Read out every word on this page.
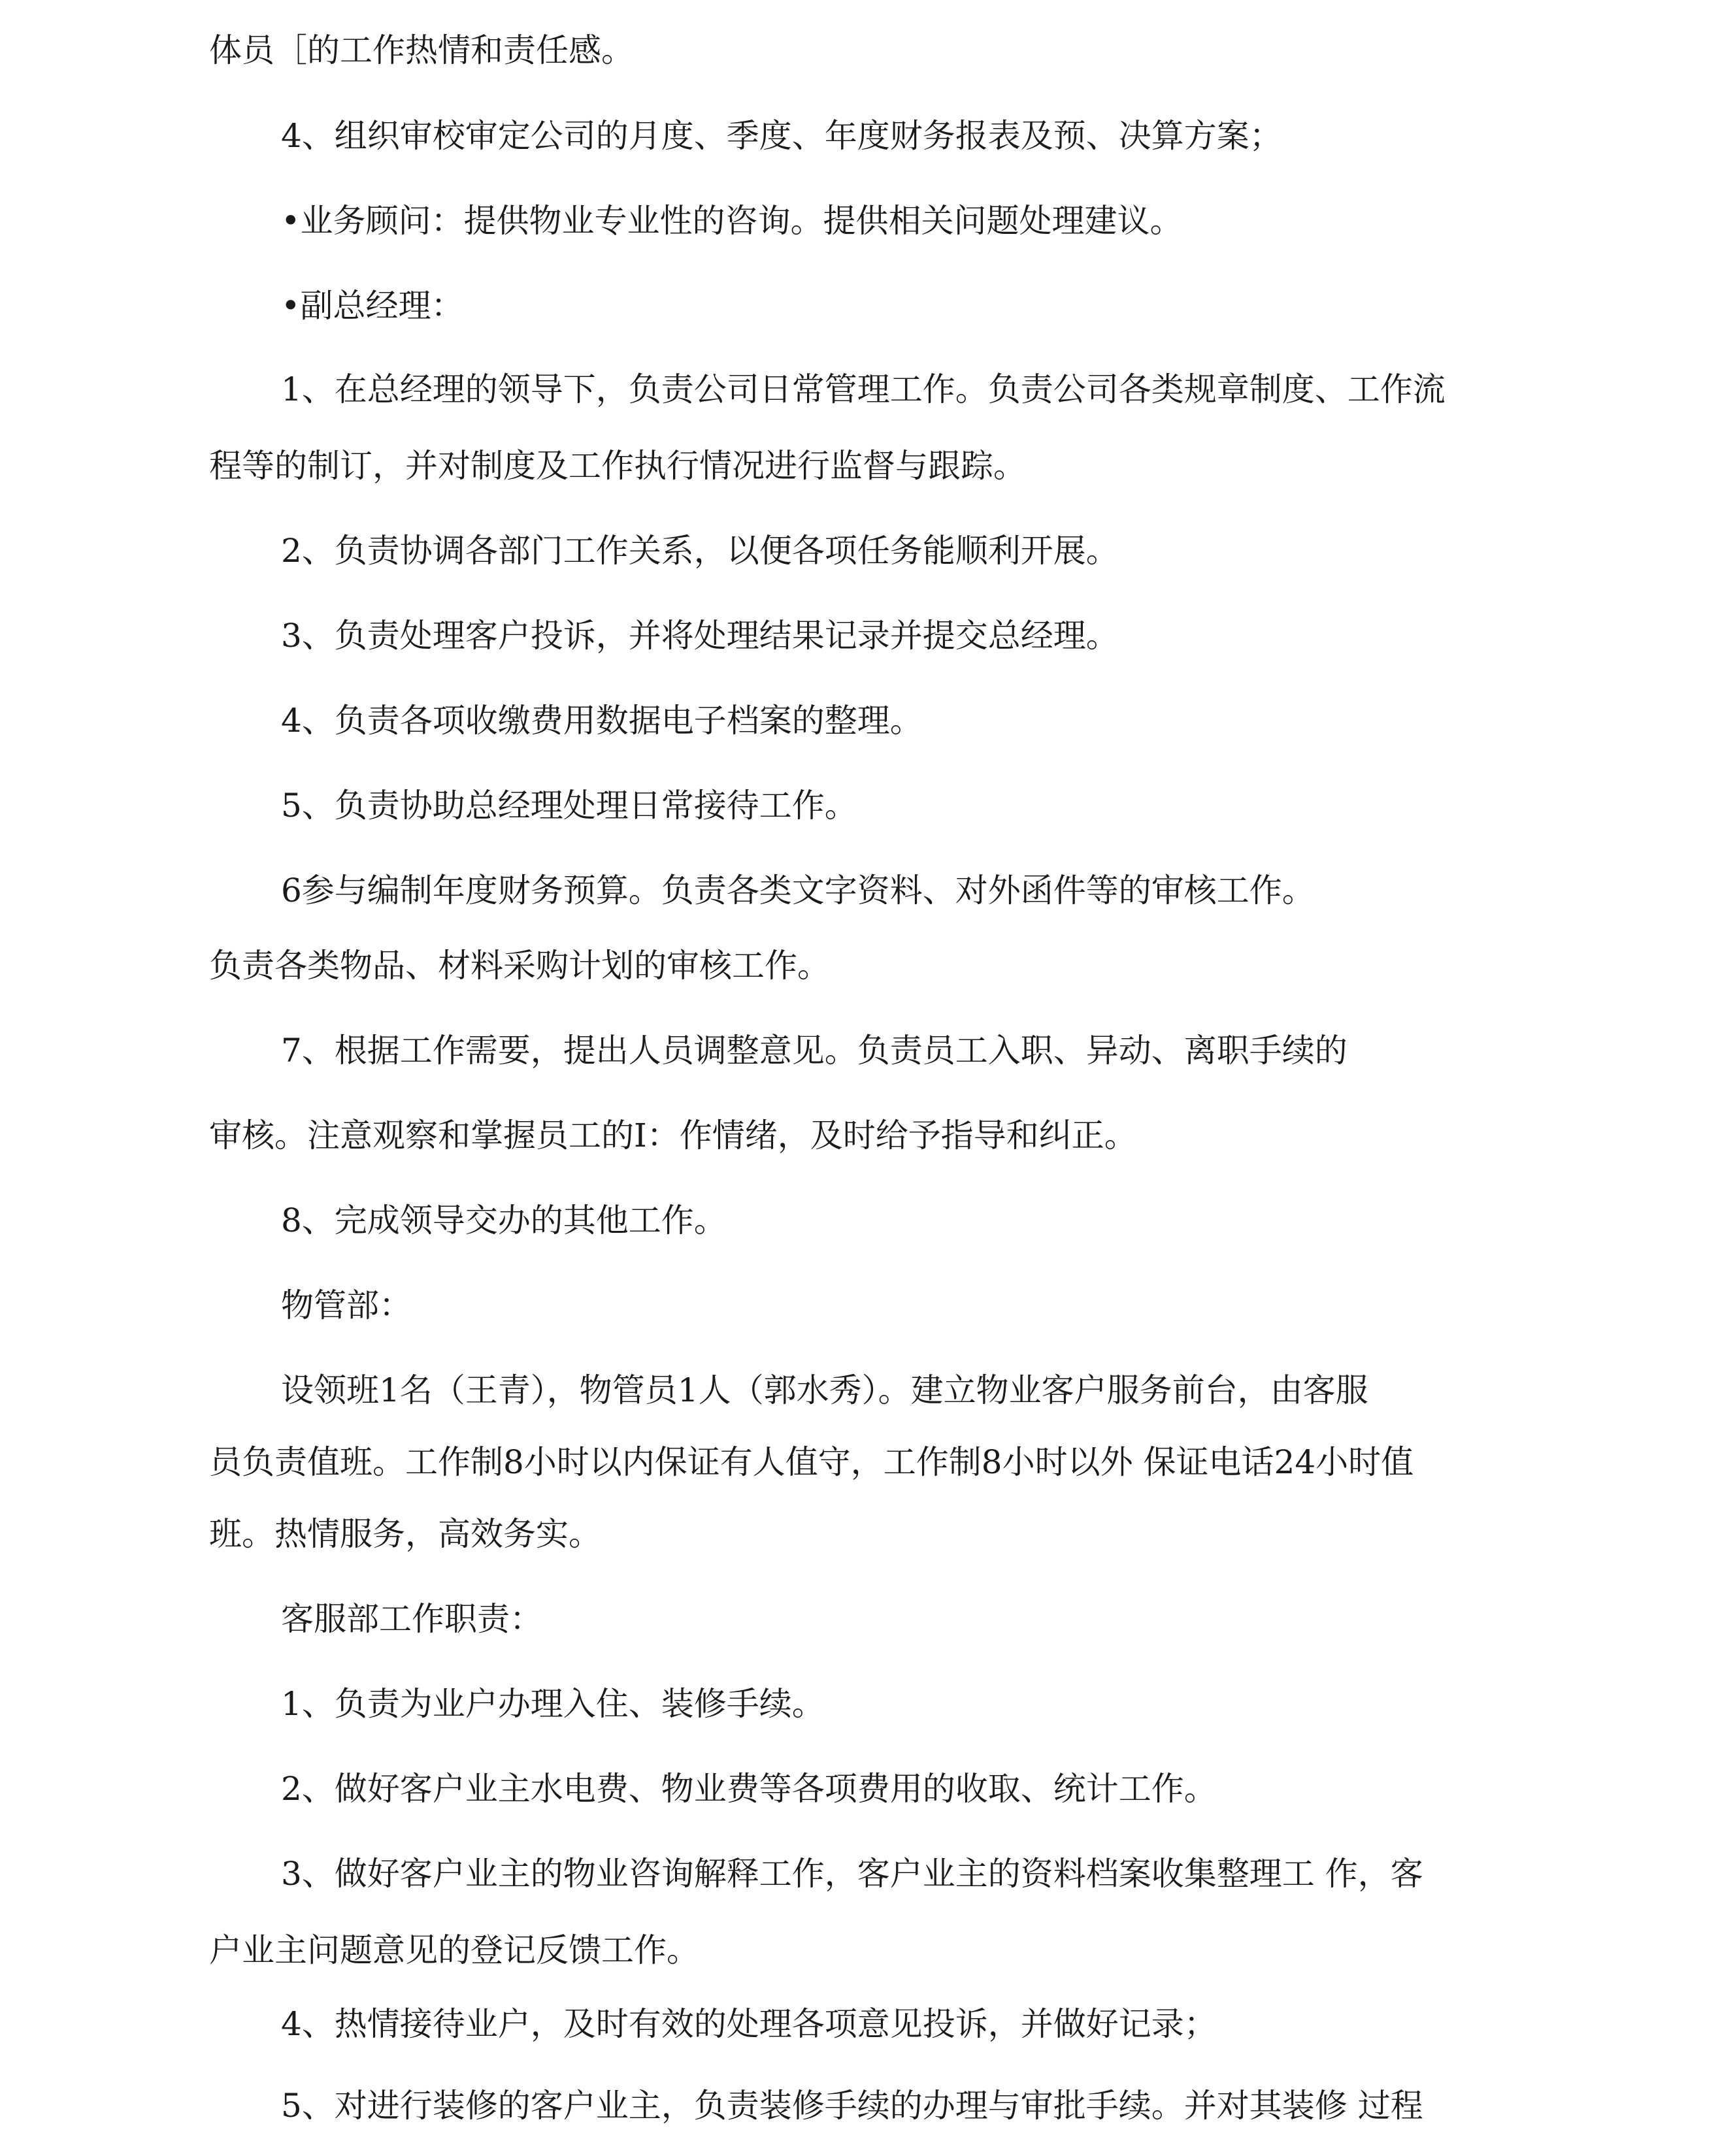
体员［的工作热情和责任感。
4、组织审校审定公司的月度、季度、年度财务报表及预、决算方案；
•业务顾问：提供物业专业性的咨询。提供相关问题处理建议。
•副总经理：
1、在总经理的领导下，负责公司日常管理工作。负责公司各类规章制度、工作流
程等的制订，并对制度及工作执行情况进行监督与跟踪。
2、负责协调各部门工作关系，以便各项任务能顺利开展。
3、负责处理客户投诉，并将处理结果记录并提交总经理。
4、负责各项收缴费用数据电子档案的整理。
5、负责协助总经理处理日常接待工作。
6参与编制年度财务预算。负责各类文字资料、对外函件等的审核工作。
负责各类物品、材料采购计划的审核工作。
7、根据工作需要，提出人员调整意见。负责员工入职、异动、离职手续的
审核。注意观察和掌握员工的I：作情绪，及时给予指导和纠正。
8、完成领导交办的其他工作。
物管部：
设领班1名（王青），物管员1人（郭水秀）。建立物业客户服务前台，由客服
员负责值班。工作制8小时以内保证有人值守，工作制8小时以外 保证电话24小时值
班。热情服务，高效务实。
客服部工作职责：
1、负责为业户办理入住、装修手续。
2、做好客户业主水电费、物业费等各项费用的收取、统计工作。
3、做好客户业主的物业咨询解释工作，客户业主的资料档案收集整理工 作，客
户业主问题意见的登记反馈工作。
4、热情接待业户，及时有效的处理各项意见投诉，并做好记录；
5、对进行装修的客户业主，负责装修手续的办理与审批手续。并对其装修 过程
